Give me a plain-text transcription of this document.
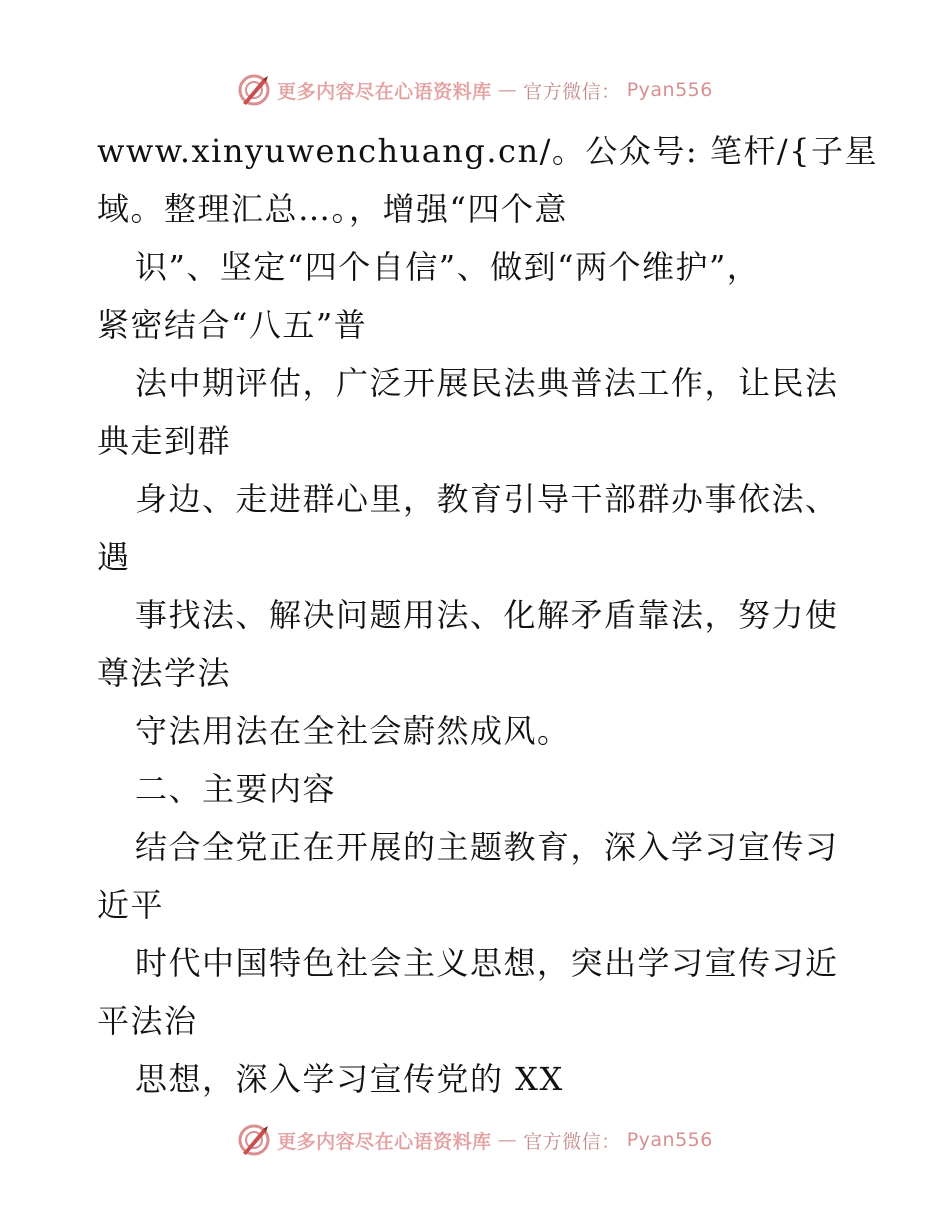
更多内容尽在心语资料库 — 官方微信： Pyan556
www.xinyuwenchuang.cn/。公众号: 笔杆/{子星
域。整理汇总…。，增强“四个意
识”、坚定“四个自信”、做到“两个维护”，
紧密结合“八五”普
法中期评估，广泛开展民法典普法工作，让民法
典走到群
身边、走进群心里，教育引导干部群办事依法、
遇
事找法、解决问题用法、化解矛盾靠法，努力使
尊法学法
守法用法在全社会蔚然成风。
二、主要内容
结合全党正在开展的主题教育，深入学习宣传习
近平
时代中国特色社会主义思想，突出学习宣传习近
平法治
思想，深入学习宣传党的 XX
更多内容尽在心语资料库 — 官方微信： Pyan556
